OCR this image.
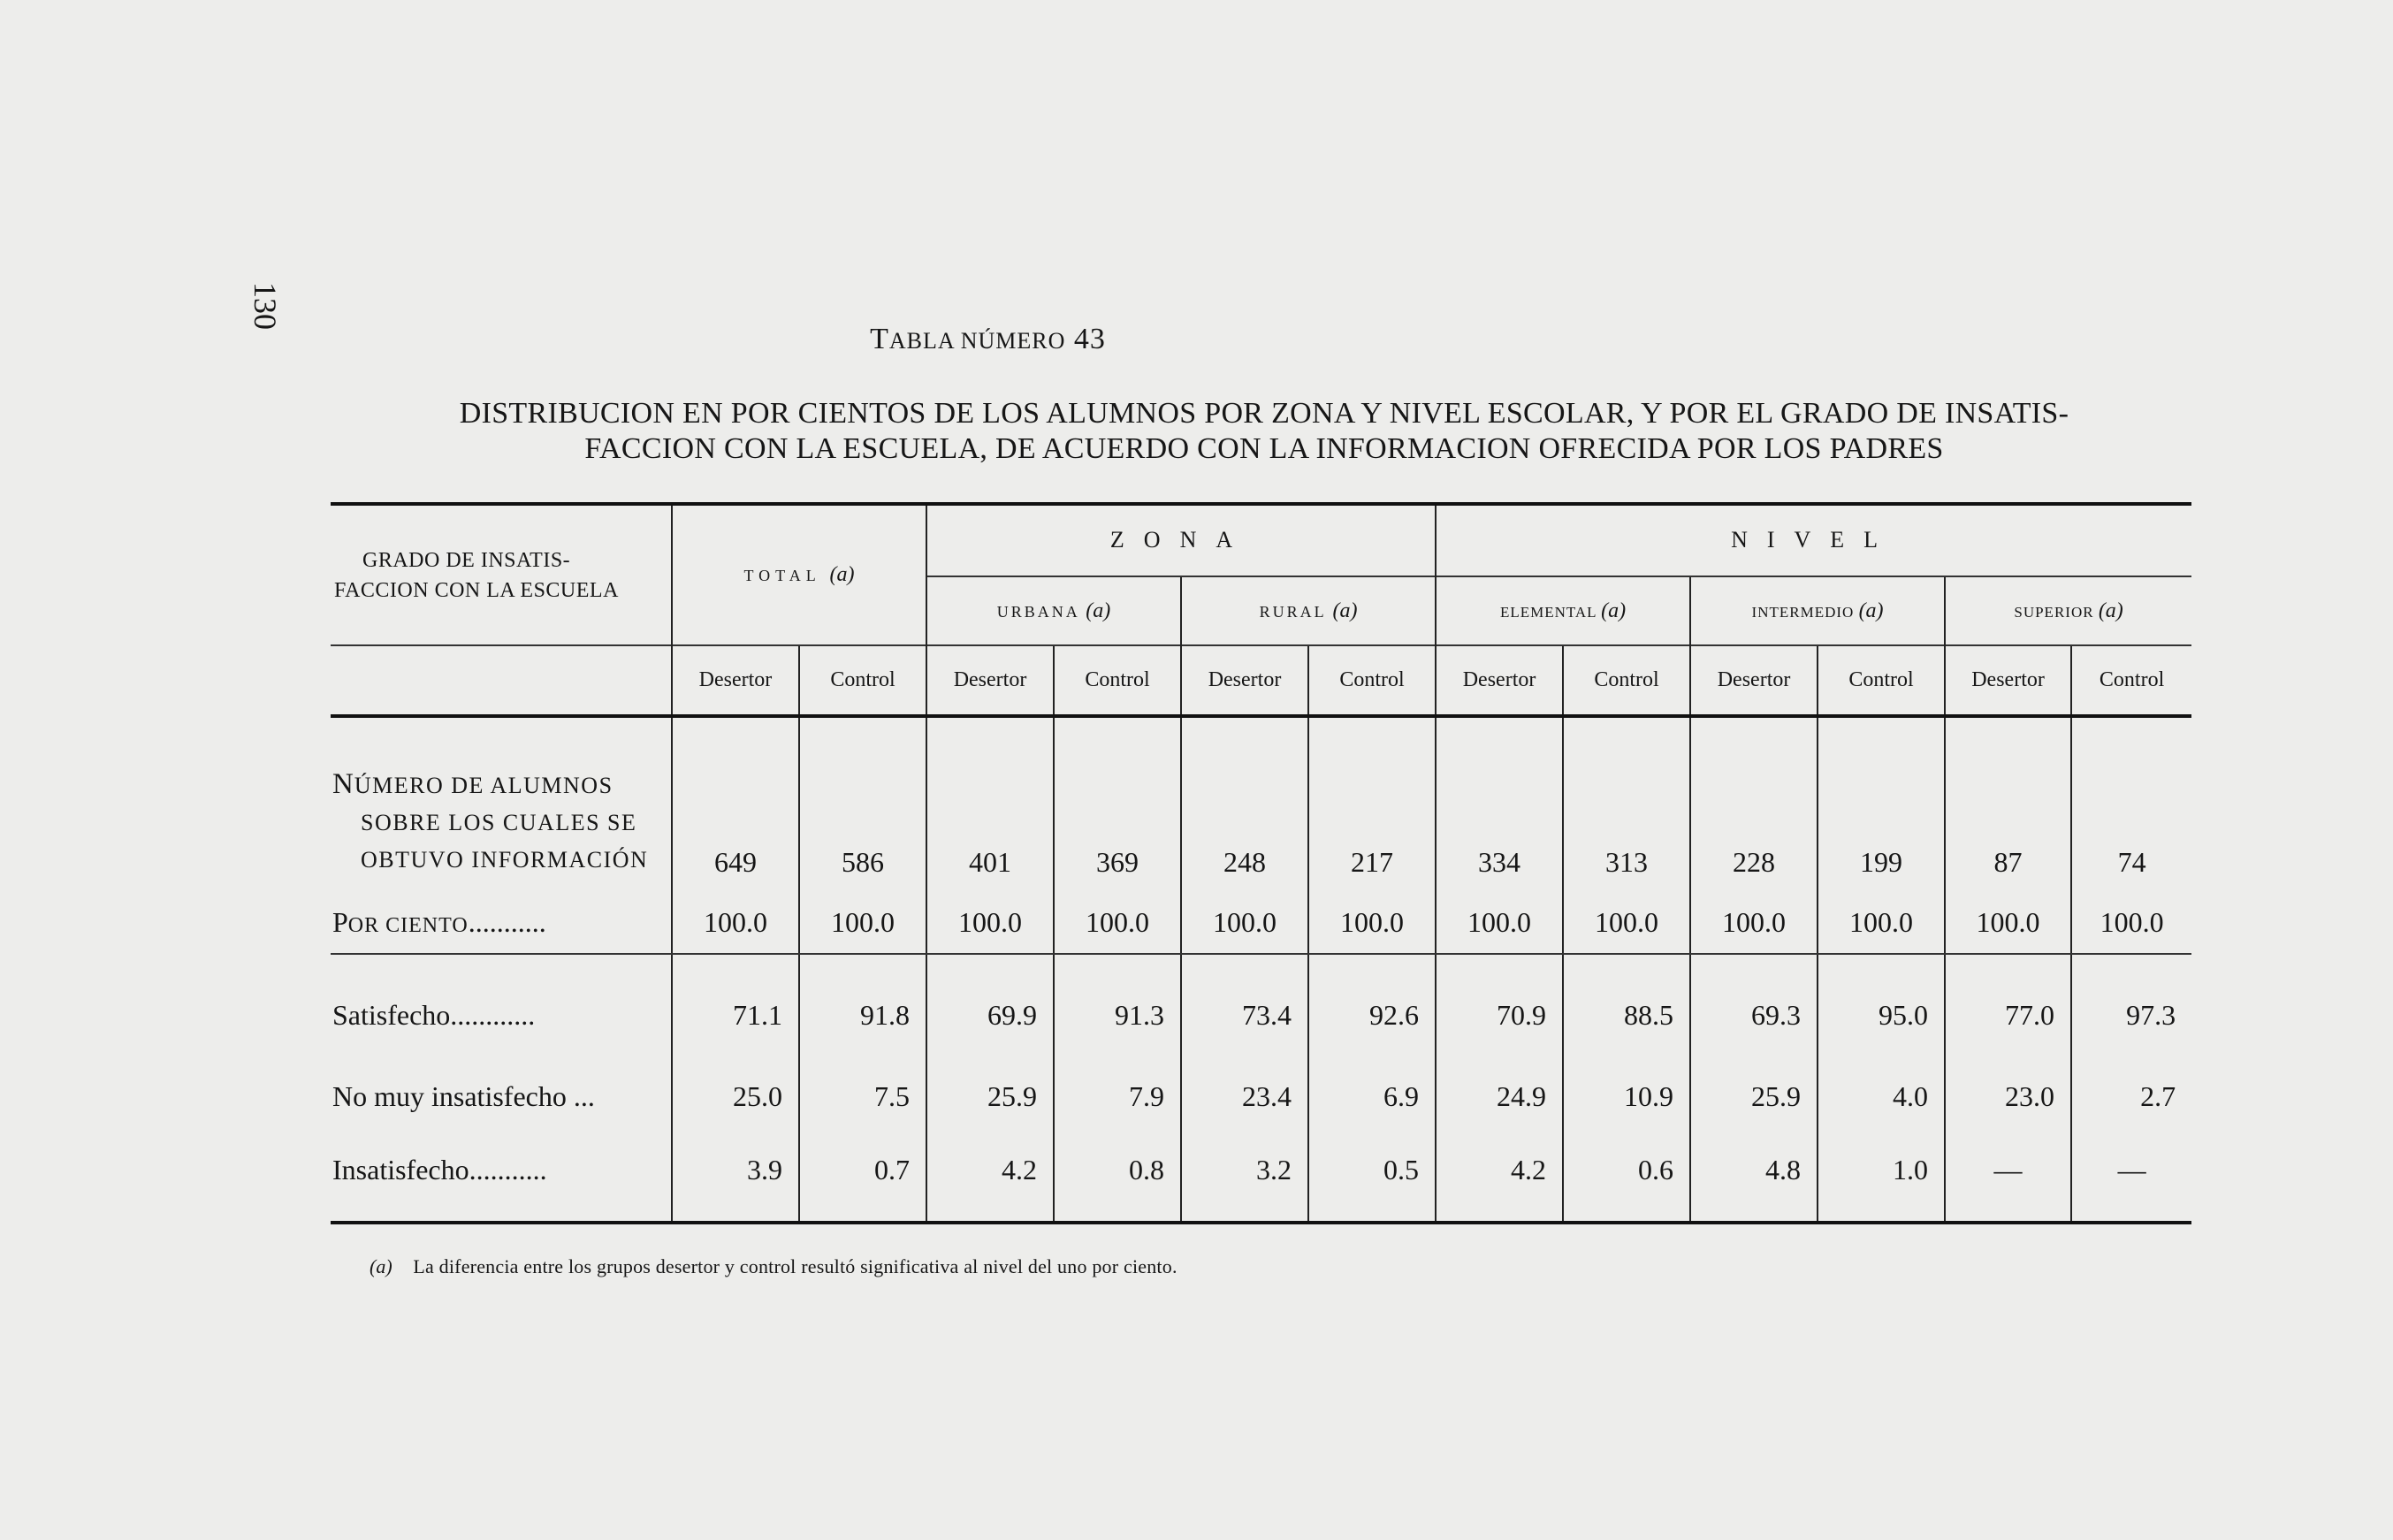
130
TABLA NÚMERO 43
DISTRIBUCION EN POR CIENTOS DE LOS ALUMNOS POR ZONA Y NIVEL ESCOLAR, Y POR EL GRADO DE INSATIS-
FACCION CON LA ESCUELA, DE ACUERDO CON LA INFORMACION OFRECIDA POR LOS PADRES
GRADO DE INSATIS-
FACCION CON LA ESCUELA	TOTAL (a)		ZONA				NIVEL					
			URBANA (a)		RURAL (a)		ELEMENTAL (a)		INTERMEDIO (a)		SUPERIOR (a)	
	Desertor	Control	Desertor	Control	Desertor	Control	Desertor	Control	Desertor	Control	Desertor	Control

NÚMERO DE ALUMNOS
SOBRE LOS CUALES SE
OBTUVO INFORMACIÓN	649	586	401	369	248	217	334	313	228	199	87	74
POR CIENTO...........	100.0	100.0	100.0	100.0	100.0	100.0	100.0	100.0	100.0	100.0	100.0	100.0
Satisfecho............	71.1	91.8	69.9	91.3	73.4	92.6	70.9	88.5	69.3	95.0	77.0	97.3
No muy insatisfecho ...	25.0	7.5	25.9	7.9	23.4	6.9	24.9	10.9	25.9	4.0	23.0	2.7
Insatisfecho...........	3.9	0.7	4.2	0.8	3.2	0.5	4.2	0.6	4.8	1.0	—	—
(a) La diferencia entre los grupos desertor y control resultó significativa al nivel del uno por ciento.
